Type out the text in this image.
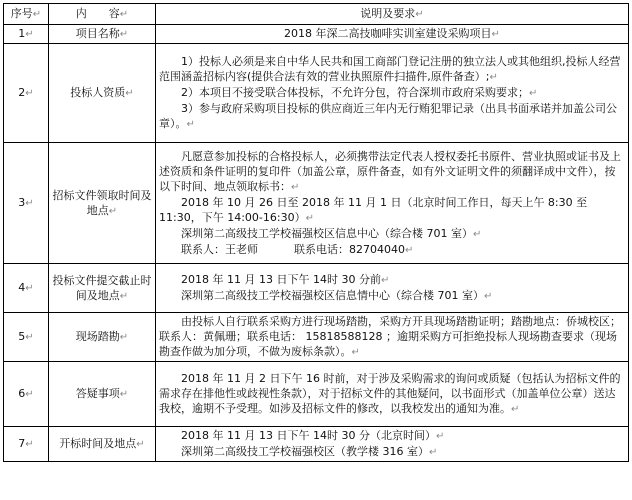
序号↵	内　　容↵	说明及要求↵
1↵	项目名称↵	2018 年深二高技咖啡实训室建设采购项目↵
2↵	投标人资质↵	1）投标人必须是来自中华人民共和国工商部门登记注册的独立法人或其他组织,投标人经营范围涵盖招标内容(提供合法有效的营业执照原件扫描件,原件备查）;↵

2）本项目不接受联合体投标，不允许分包，符合深圳市政府采购要求；↵

3）参与政府采购项目投标的供应商近三年内无行贿犯罪记录（出具书面承诺并加盖公司公章）。↵

3↵	招标文件领取时间及地点↵	凡愿意参加投标的合格投标人，必须携带法定代表人授权委托书原件、营业执照或证书及上述资质和条件证明的复印件（加盖公章，原件备查，如有外文证明文件的须翻译成中文件），按以下时间、地点领取标书：↵

2018 年 10 月 26 日至 2018 年 11 月 1 日（北京时间工作日，每天上午 8:30 至 11:30，下午 14:00-16:30）↵

深圳第二高级技工学校福强校区信息中心（综合楼 701 室）↵

联系人：王老师 联系电话：82704040↵

4↵	投标文件提交截止时间及地点↵	2018 年 11 月 13 日下午 14时 30 分前↵

深圳第二高级技工学校福强校区信息情中心（综合楼 701 室）↵

5↵	现场踏勘↵	由投标人自行联系采购方进行现场踏勘，采购方开具现场踏勘证明；踏勘地点：侨城校区；联系人：黄佩珊；联系电话： 15818588128 ；逾期采购方可拒绝投标人现场勘查要求（现场勘查作做为加分项，不做为废标条款）。↵

6↵	答疑事项↵	2018 年 11 月 2 日下午 16 时前，对于涉及采购需求的询问或质疑（包括认为招标文件的需求存在排他性或歧视性条款），对于招标文件的其他疑问，以书面形式（加盖单位公章）送达我校，逾期不予受理。如涉及招标文件的修改，以我校发出的通知为准。↵

7↵	开标时间及地点↵	2018 年 11 月 13 日下午 14时 30 分（北京时间）↵

深圳第二高级技工学校福强校区（教学楼 316 室）↵
